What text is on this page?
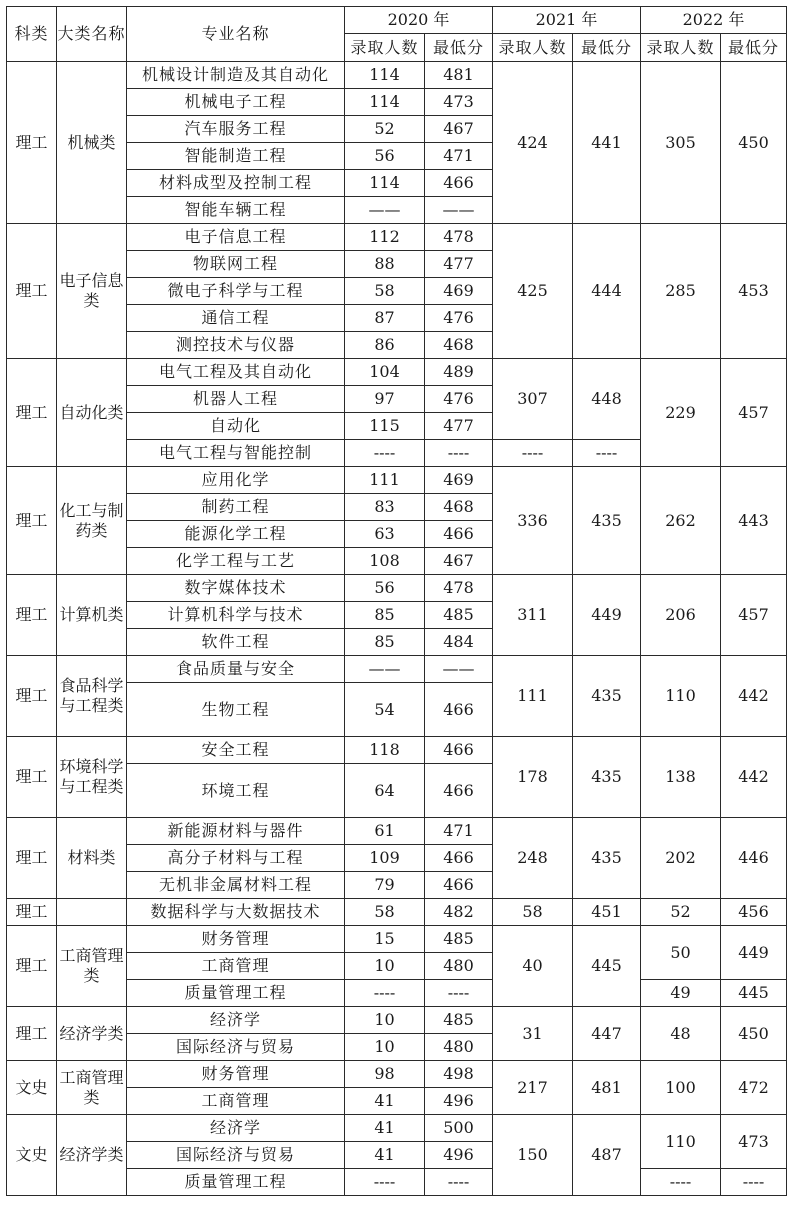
科类	大类名称	专业名称	2020 年		2021 年		2022 年	
			录取人数	最低分	录取人数	最低分	录取人数	最低分
理工	机械类	机械设计制造及其自动化	114	481	424	441	305	450
		机械电子工程	114	473				
		汽车服务工程	52	467				
		智能制造工程	56	471				
		材料成型及控制工程	114	466				
		智能车辆工程	——	——				
理工	电子信息类	电子信息工程	112	478	425	444	285	453
		物联网工程	88	477				
		微电子科学与工程	58	469				
		通信工程	87	476				
		测控技术与仪器	86	468				
理工	自动化类	电气工程及其自动化	104	489	307	448	229	457
		机器人工程	97	476				
		自动化	115	477				
		电气工程与智能控制	----	----	----	----		
理工	化工与制药类	应用化学	111	469	336	435	262	443
		制药工程	83	468				
		能源化学工程	63	466				
		化学工程与工艺	108	467				
理工	计算机类	数字媒体技术	56	478	311	449	206	457
		计算机科学与技术	85	485				
		软件工程	85	484				
理工	食品科学与工程类	食品质量与安全	——	——	111	435	110	442
		生物工程	54	466				
理工	环境科学与工程类	安全工程	118	466	178	435	138	442
		环境工程	64	466				
理工	材料类	新能源材料与器件	61	471	248	435	202	446
		高分子材料与工程	109	466				
		无机非金属材料工程	79	466				
理工		数据科学与大数据技术	58	482	58	451	52	456
理工	工商管理类	财务管理	15	485	40	445	50	449
		工商管理	10	480				
		质量管理工程	----	----			49	445
理工	经济学类	经济学	10	485	31	447	48	450
		国际经济与贸易	10	480				
文史	工商管理类	财务管理	98	498	217	481	100	472
		工商管理	41	496				
文史	经济学类	经济学	41	500	150	487	110	473
		国际经济与贸易	41	496				
		质量管理工程	----	----			----	----
